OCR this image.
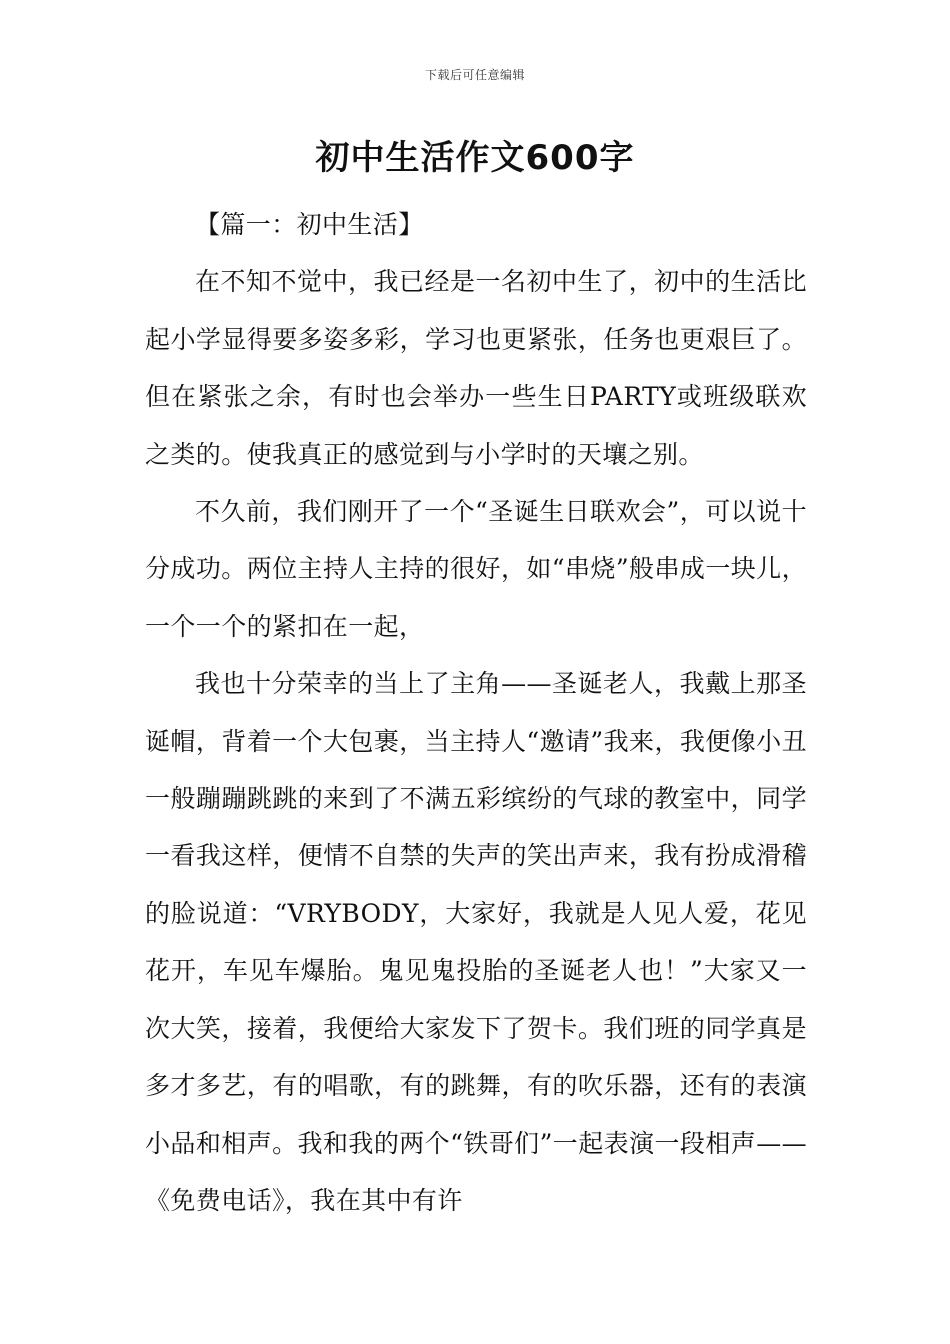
下载后可任意编辑
初中生活作文600字

【篇一：初中生活】

在不知不觉中，我已经是一名初中生了，初中的生活比起小学显得要多姿多彩，学习也更紧张，任务也更艰巨了。但在紧张之余，有时也会举办一些生日PARTY或班级联欢之类的。使我真正的感觉到与小学时的天壤之别。

不久前，我们刚开了一个“圣诞生日联欢会”，可以说十分成功。两位主持人主持的很好，如“串烧”般串成一块儿，一个一个的紧扣在一起，

我也十分荣幸的当上了主角——圣诞老人，我戴上那圣诞帽，背着一个大包裹，当主持人“邀请”我来，我便像小丑一般蹦蹦跳跳的来到了不满五彩缤纷的气球的教室中，同学一看我这样，便情不自禁的失声的笑出声来，我有扮成滑稽的脸说道：“VRYBODY，大家好，我就是人见人爱，花见花开，车见车爆胎。鬼见鬼投胎的圣诞老人也！”大家又一次大笑，接着，我便给大家发下了贺卡。我们班的同学真是多才多艺，有的唱歌，有的跳舞，有的吹乐器，还有的表演小品和相声。我和我的两个“铁哥们”一起表演一段相声——《免费电话》，我在其中有许
